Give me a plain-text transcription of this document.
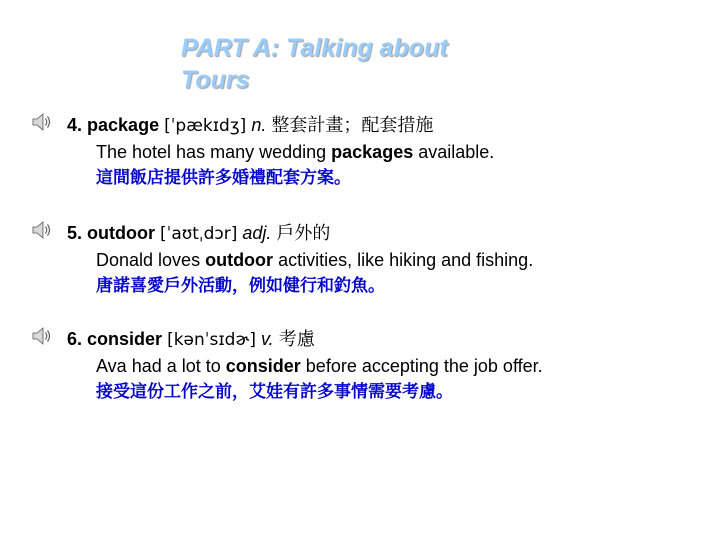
PART A: Talking about
Tours
4. package [ˈpækɪdʒ] n. 整套計畫；配套措施
The hotel has many wedding packages available.
這間飯店提供許多婚禮配套方案。
5. outdoor [ˈaʊtˌdɔr] adj. 戶外的
Donald loves outdoor activities, like hiking and fishing.
唐諾喜愛戶外活動，例如健行和釣魚。
6. consider [kənˈsɪdɚ] v. 考慮
Ava had a lot to consider before accepting the job offer.
接受這份工作之前，艾娃有許多事情需要考慮。
